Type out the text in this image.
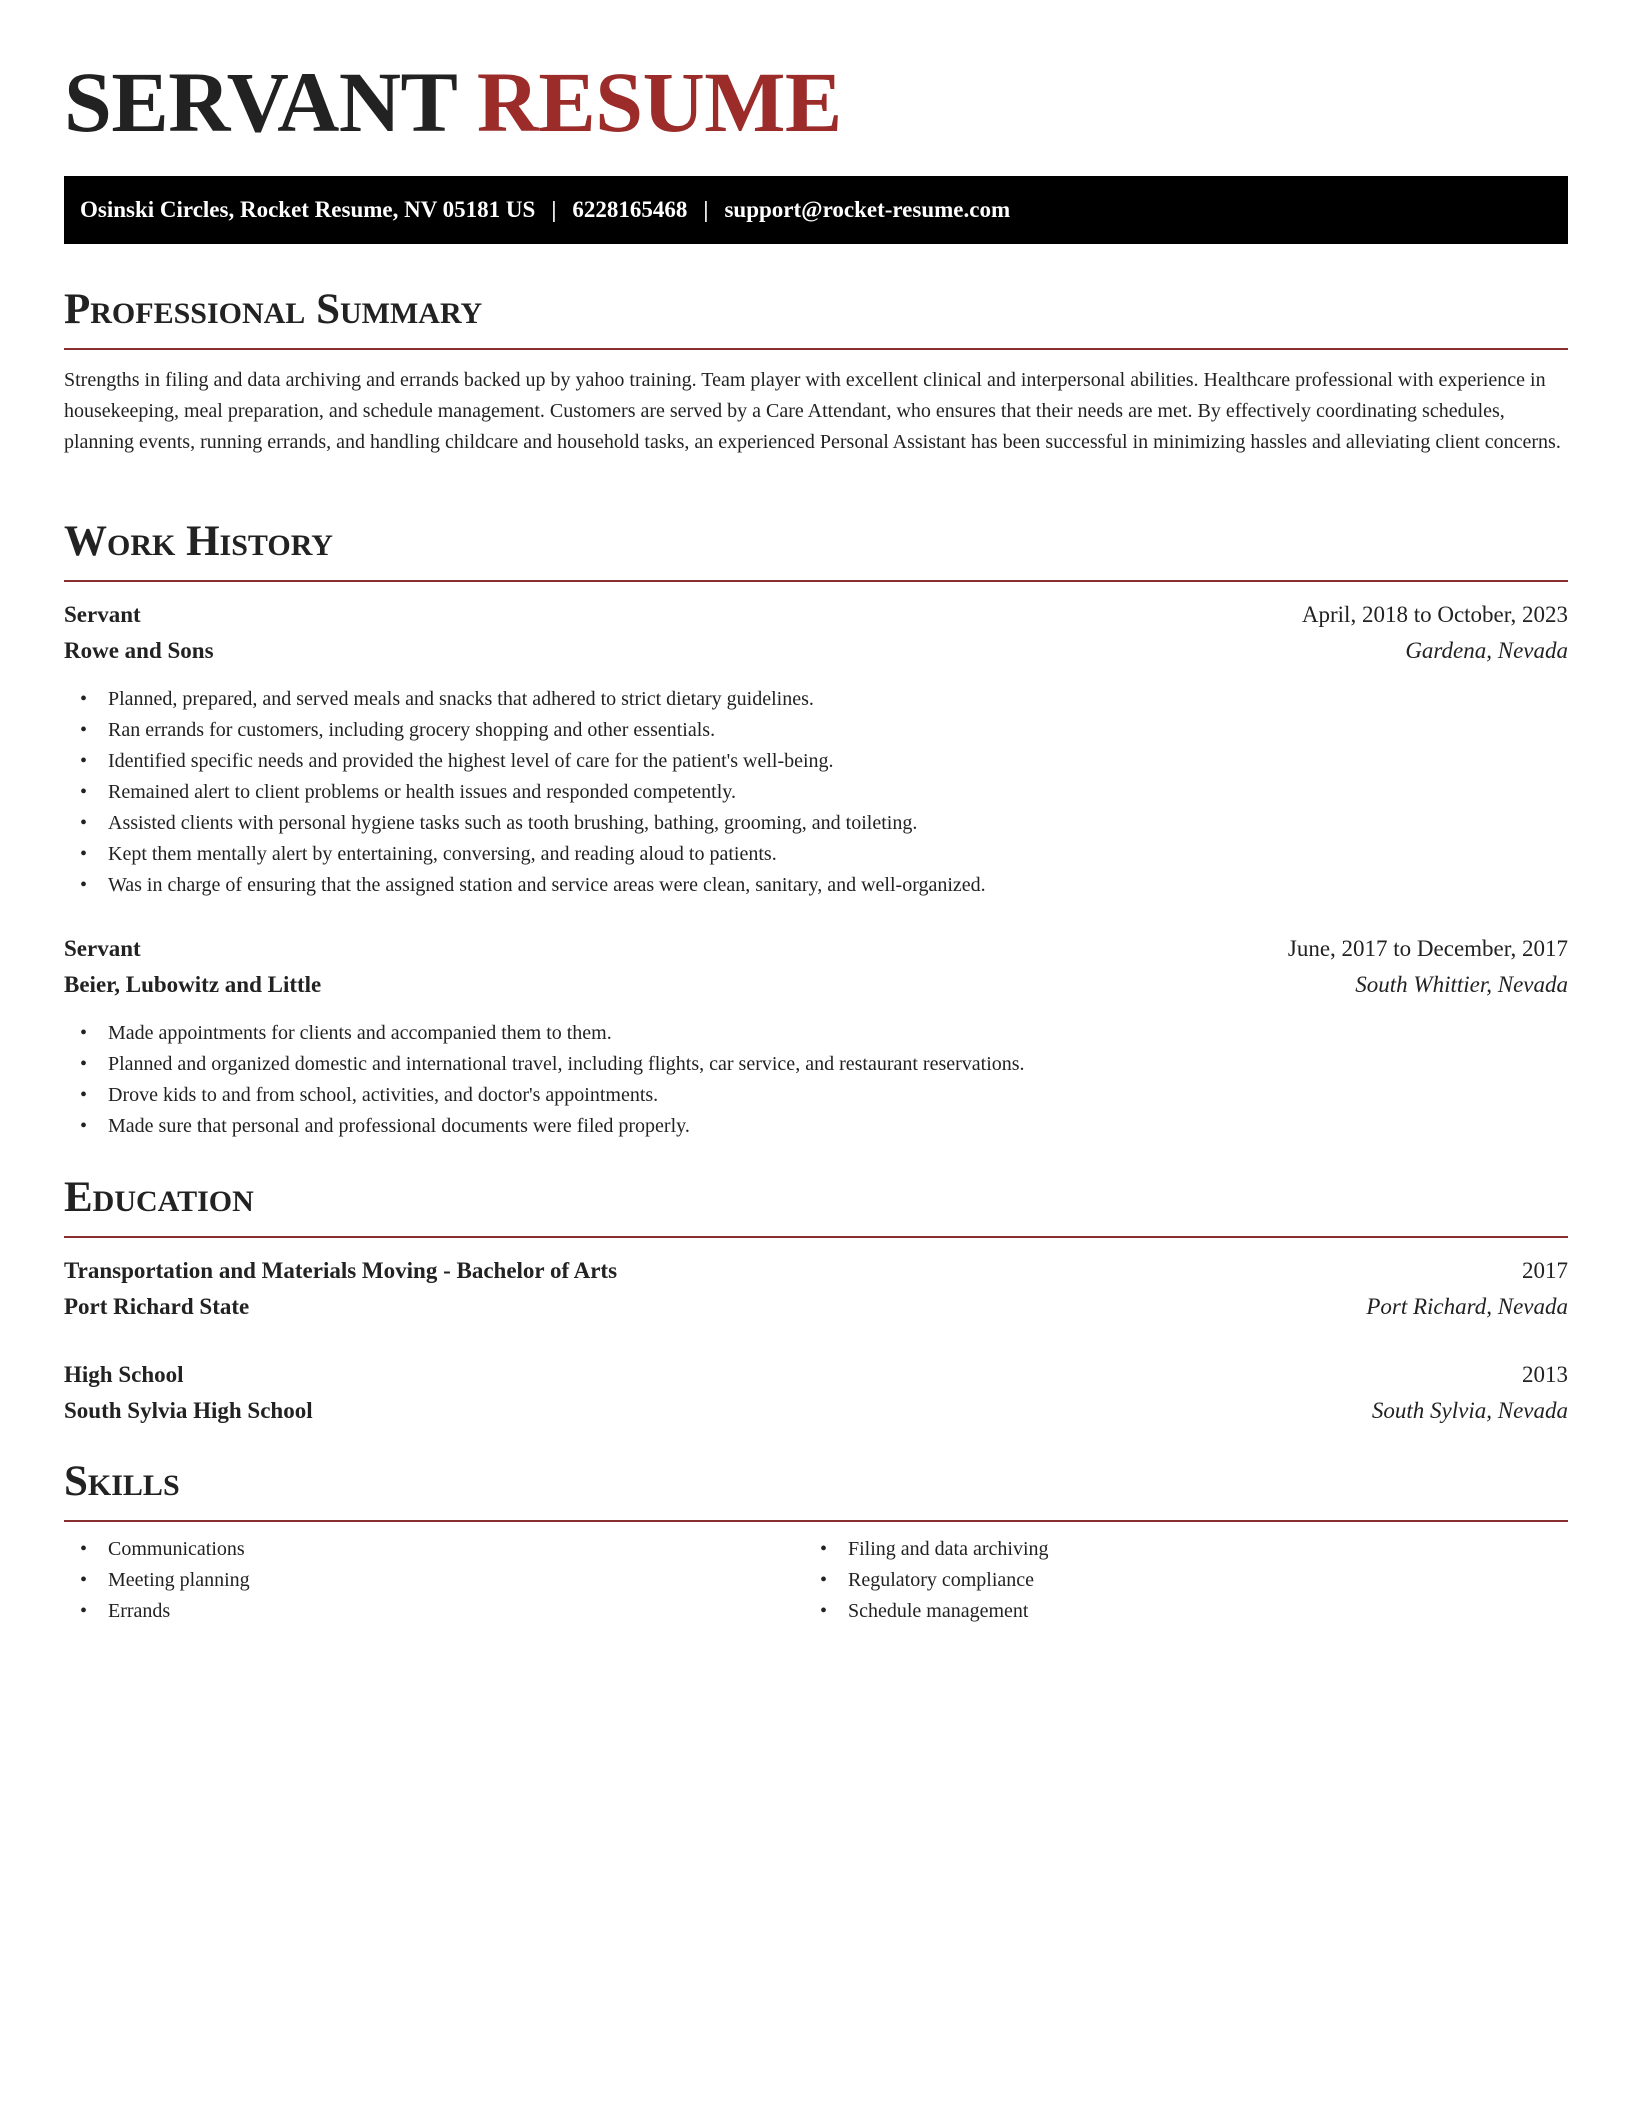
SERVANT RESUME
Osinski Circles, Rocket Resume, NV 05181 US | 6228165468 | support@rocket-resume.com
Professional Summary

Strengths in filing and data archiving and errands backed up by yahoo training. Team player with excellent clinical and interpersonal abilities. Healthcare professional with experience in housekeeping, meal preparation, and schedule management. Customers are served by a Care Attendant, who ensures that their needs are met. By effectively coordinating schedules, planning events, running errands, and handling childcare and household tasks, an experienced Personal Assistant has been successful in minimizing hassles and alleviating client concerns.

Work History
Servant	April, 2018 to October, 2023
Rowe and Sons	Gardena, Nevada
• Planned, prepared, and served meals and snacks that adhered to strict dietary guidelines.
• Ran errands for customers, including grocery shopping and other essentials.
• Identified specific needs and provided the highest level of care for the patient's well-being.
• Remained alert to client problems or health issues and responded competently.
• Assisted clients with personal hygiene tasks such as tooth brushing, bathing, grooming, and toileting.
• Kept them mentally alert by entertaining, conversing, and reading aloud to patients.
• Was in charge of ensuring that the assigned station and service areas were clean, sanitary, and well-organized.
Servant	June, 2017 to December, 2017
Beier, Lubowitz and Little	South Whittier, Nevada
• Made appointments for clients and accompanied them to them.
• Planned and organized domestic and international travel, including flights, car service, and restaurant reservations.
• Drove kids to and from school, activities, and doctor's appointments.
• Made sure that personal and professional documents were filed properly.
Education
Transportation and Materials Moving - Bachelor of Arts	2017
Port Richard State	Port Richard, Nevada
High School	2013
South Sylvia High School	South Sylvia, Nevada
Skills
• Communications
• Meeting planning
• Errands
• Filing and data archiving
• Regulatory compliance
• Schedule management
